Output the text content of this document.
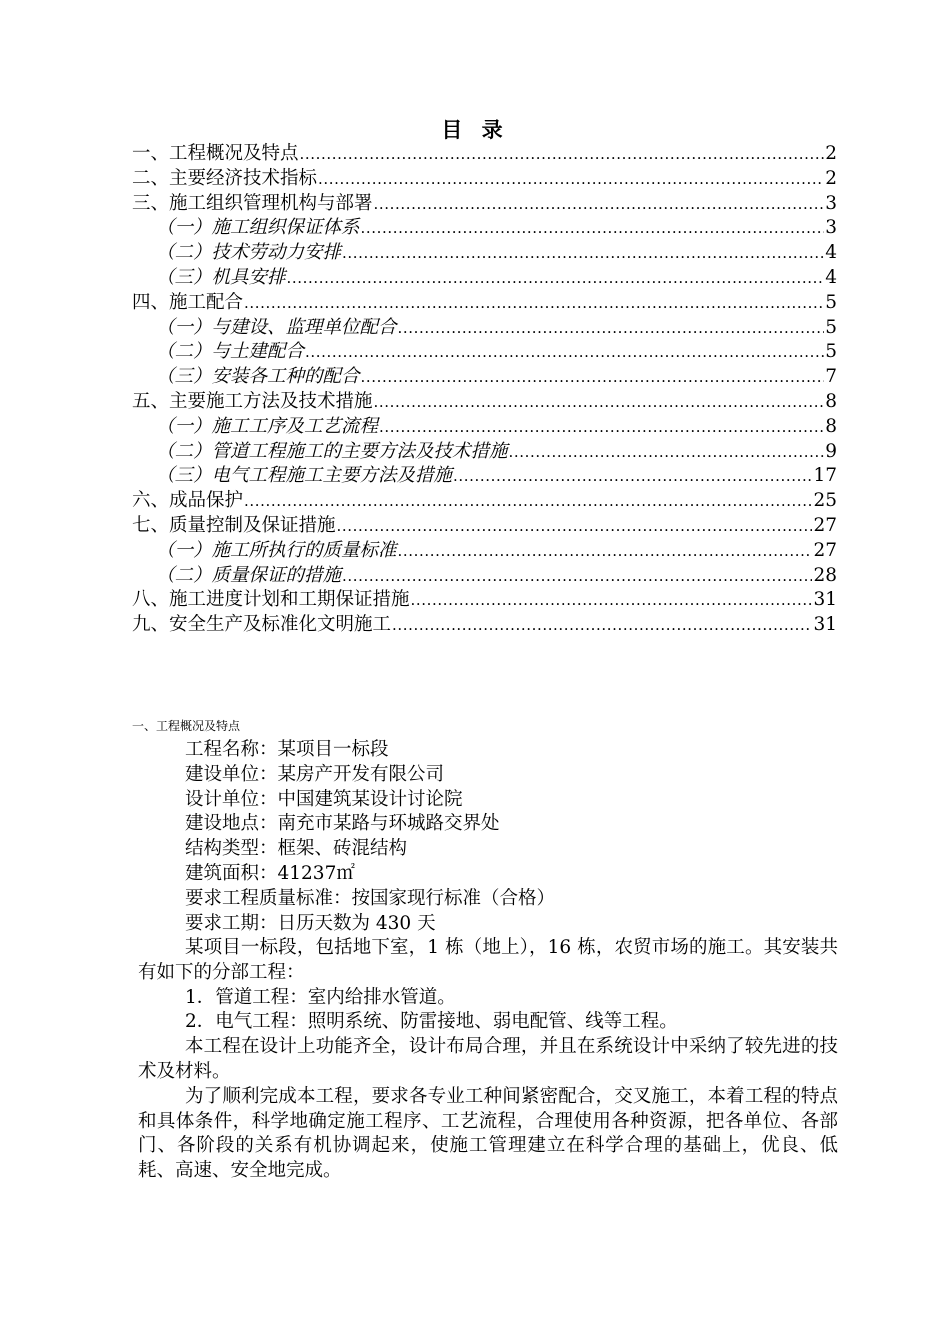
目 录
一、工程概况及特点 .....	2
二、主要经济技术指标 .....	2
三、施工组织管理机构与部署 .....	3
（一）施工组织保证体系 .....	3
（二）技术劳动力安排 .....	4
（三）机具安排 .....	4
四、施工配合 .....	5
（一）与建设、监理单位配合 .....	5
（二）与土建配合 .....	5
（三）安装各工种的配合 .....	7
五、主要施工方法及技术措施 .....	8
（一）施工工序及工艺流程 .....	8
（二）管道工程施工的主要方法及技术措施 .....	9
（三）电气工程施工主要方法及措施 .....	17
六、成品保护 .....	25
七、质量控制及保证措施 .....	27
（一）施工所执行的质量标准 .....	27
（二）质量保证的措施 .....	28
八、施工进度计划和工期保证措施 .....	31
九、安全生产及标准化文明施工 .....	31
一、工程概况及特点
工程名称：某项目一标段
建设单位：某房产开发有限公司
设计单位：中国建筑某设计讨论院
建设地点：南充市某路与环城路交界处
结构类型：框架、砖混结构
建筑面积：41237㎡
要求工程质量标准：按国家现行标准（合格）
要求工期：日历天数为 430 天

某项目一标段，包括地下室，1 栋（地上），16 栋，农贸市场的施工。其安装共有如下的分部工程：

1．管道工程：室内给排水管道。

2．电气工程：照明系统、防雷接地、弱电配管、线等工程。

本工程在设计上功能齐全，设计布局合理，并且在系统设计中采纳了较先进的技术及材料。

为了顺利完成本工程，要求各专业工种间紧密配合，交叉施工，本着工程的特点和具体条件，科学地确定施工程序、工艺流程，合理使用各种资源，把各单位、各部门、各阶段的关系有机协调起来，使施工管理建立在科学合理的基础上，优良、低耗、高速、安全地完成。
